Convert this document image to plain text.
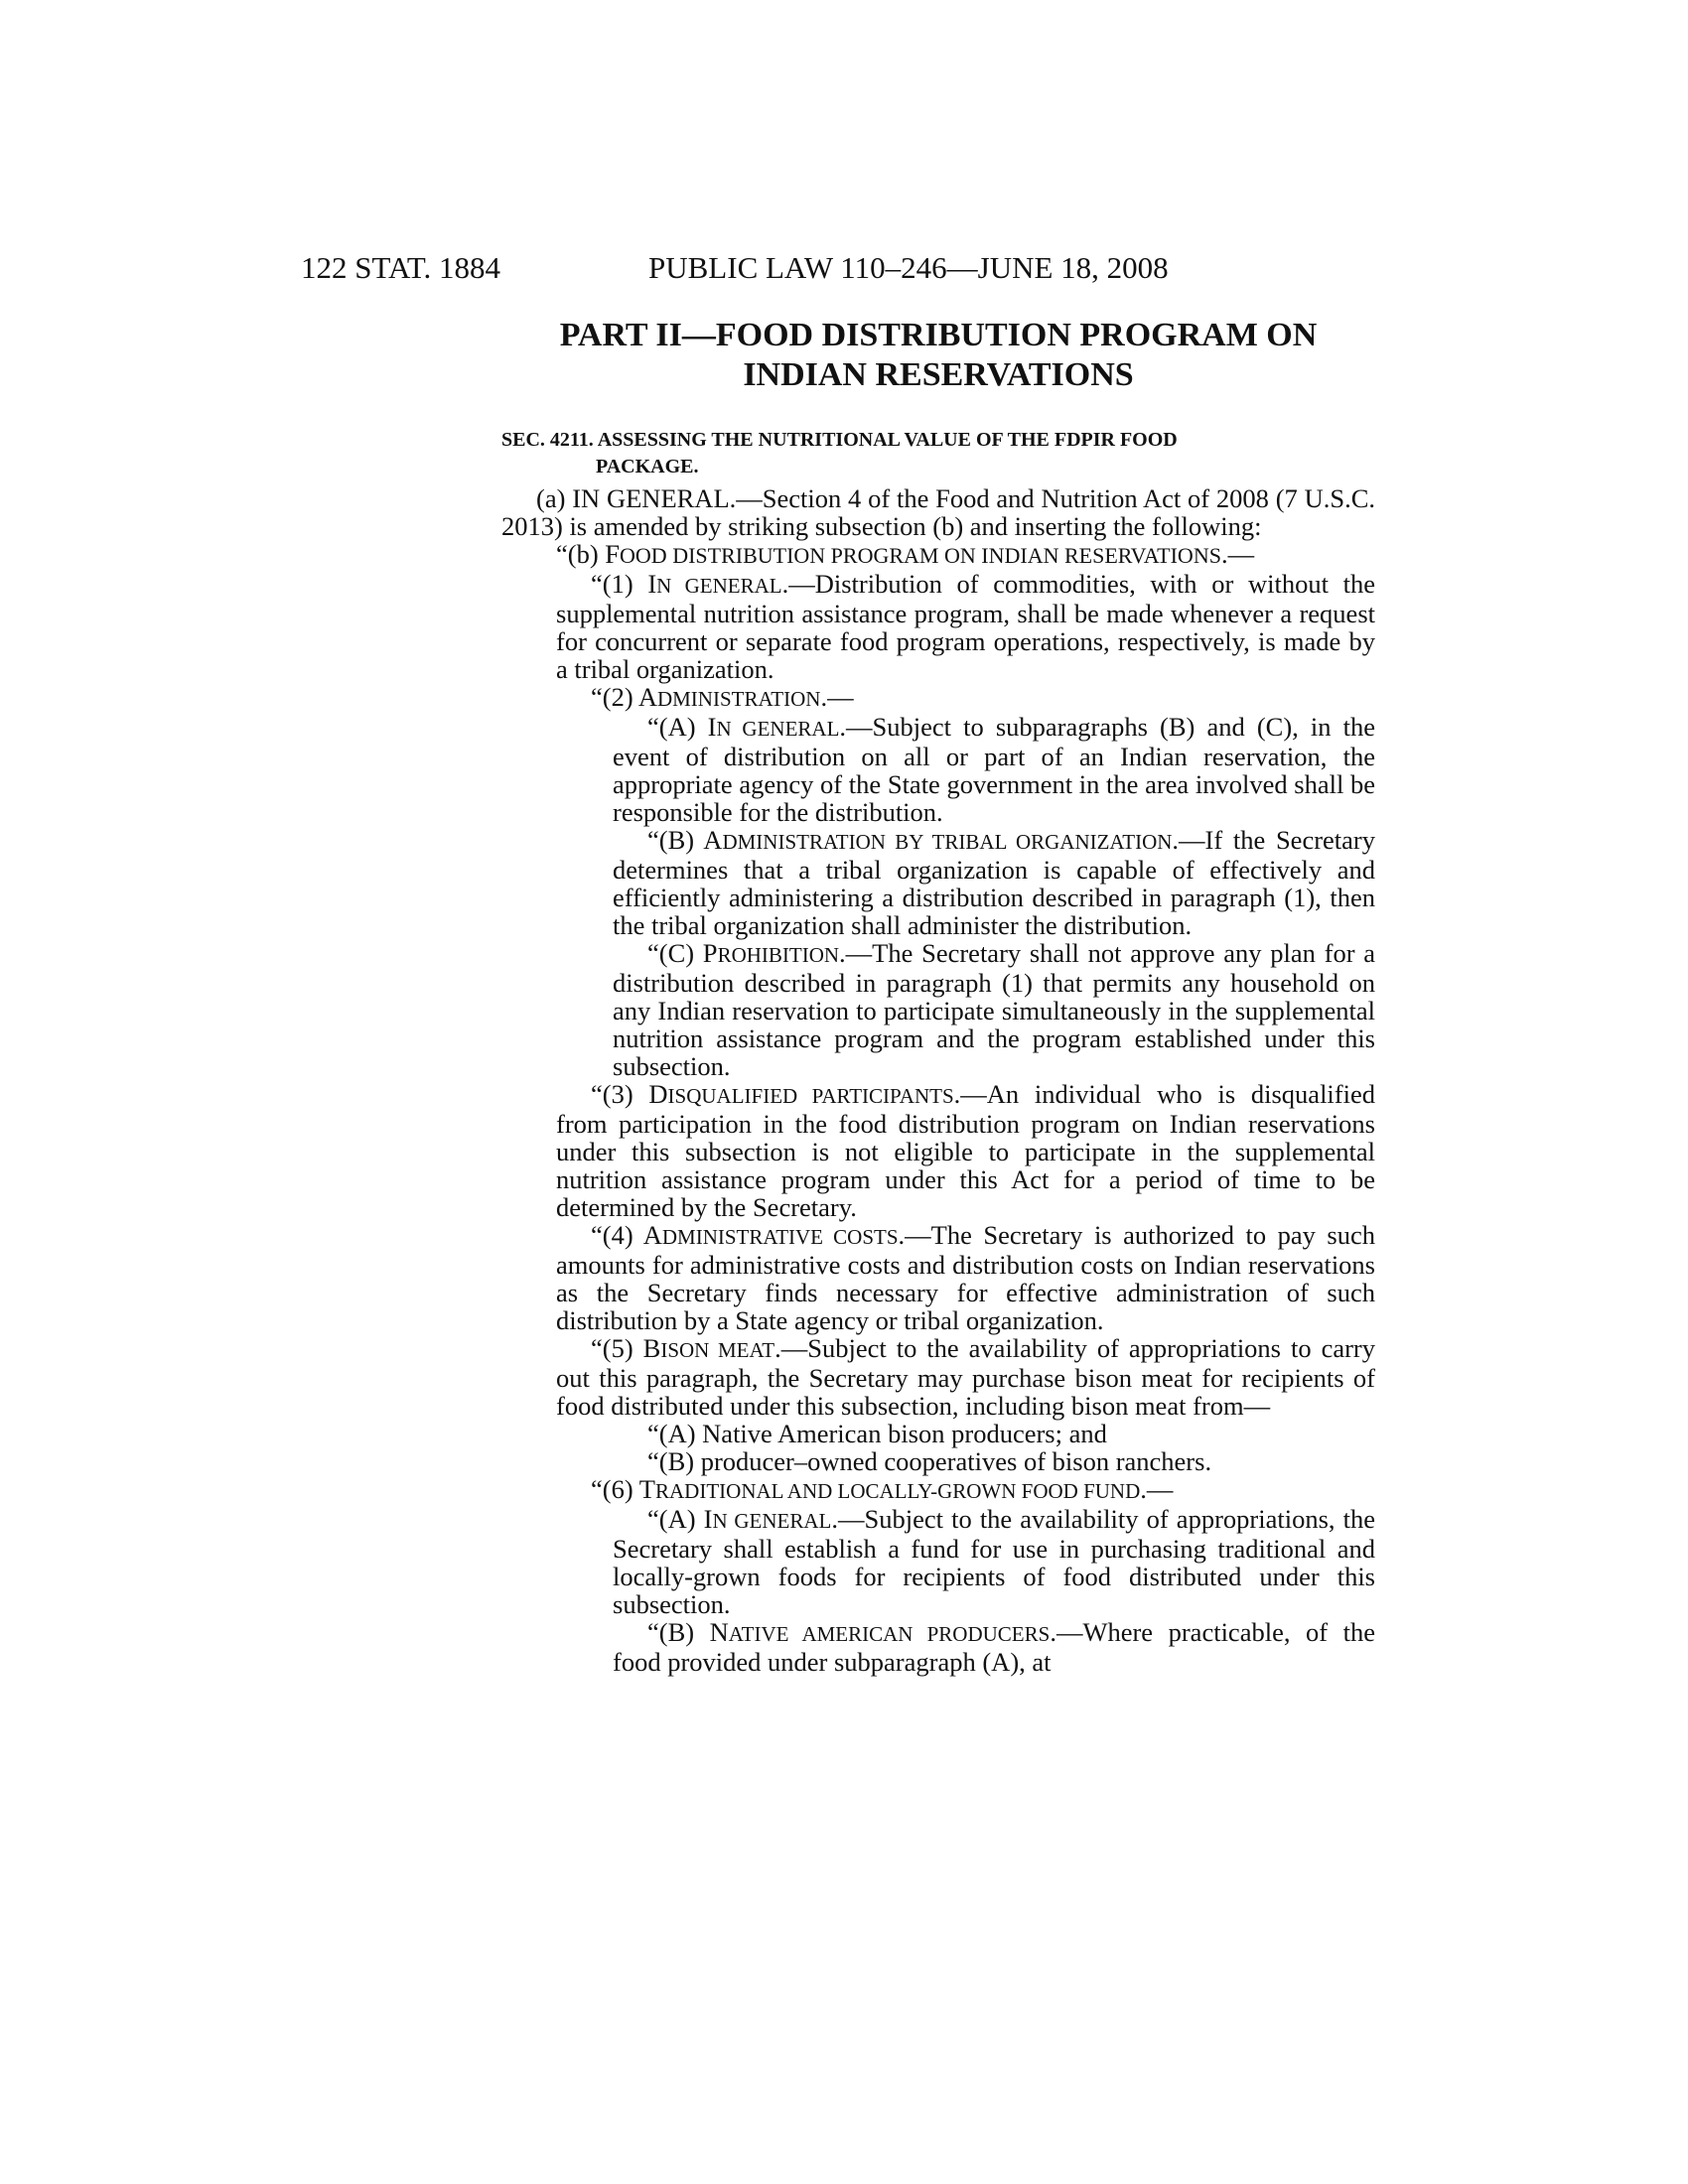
122 STAT. 1884	PUBLIC LAW 110–246—JUNE 18, 2008
PART II—FOOD DISTRIBUTION PROGRAM ON
INDIAN RESERVATIONS
SEC. 4211. ASSESSING THE NUTRITIONAL VALUE OF THE FDPIR FOOD
PACKAGE.

(a) IN GENERAL.—Section 4 of the Food and Nutrition Act of 2008 (7 U.S.C. 2013) is amended by striking subsection (b) and inserting the following:

“(b) FOOD DISTRIBUTION PROGRAM ON INDIAN RESERVATIONS.—

“(1) IN GENERAL.—Distribution of commodities, with or without the supplemental nutrition assistance program, shall be made whenever a request for concurrent or separate food program operations, respectively, is made by a tribal organization.

“(2) ADMINISTRATION.—

“(A) IN GENERAL.—Subject to subparagraphs (B) and (C), in the event of distribution on all or part of an Indian reservation, the appropriate agency of the State government in the area involved shall be responsible for the distribution.

“(B) ADMINISTRATION BY TRIBAL ORGANIZATION.—If the Secretary determines that a tribal organization is capable of effectively and efficiently administering a distribution described in paragraph (1), then the tribal organization shall administer the distribution.

“(C) PROHIBITION.—The Secretary shall not approve any plan for a distribution described in paragraph (1) that permits any household on any Indian reservation to participate simultaneously in the supplemental nutrition assistance program and the program established under this subsection.

“(3) DISQUALIFIED PARTICIPANTS.—An individual who is disqualified from participation in the food distribution program on Indian reservations under this subsection is not eligible to participate in the supplemental nutrition assistance program under this Act for a period of time to be determined by the Secretary.

“(4) ADMINISTRATIVE COSTS.—The Secretary is authorized to pay such amounts for administrative costs and distribution costs on Indian reservations as the Secretary finds necessary for effective administration of such distribution by a State agency or tribal organization.

“(5) BISON MEAT.—Subject to the availability of appropriations to carry out this paragraph, the Secretary may purchase bison meat for recipients of food distributed under this subsection, including bison meat from—

“(A) Native American bison producers; and

“(B) producer–owned cooperatives of bison ranchers.

“(6) TRADITIONAL AND LOCALLY-GROWN FOOD FUND.—

“(A) IN GENERAL.—Subject to the availability of appropriations, the Secretary shall establish a fund for use in purchasing traditional and locally-grown foods for recipients of food distributed under this subsection.

“(B) NATIVE AMERICAN PRODUCERS.—Where practicable, of the food provided under subparagraph (A), at
